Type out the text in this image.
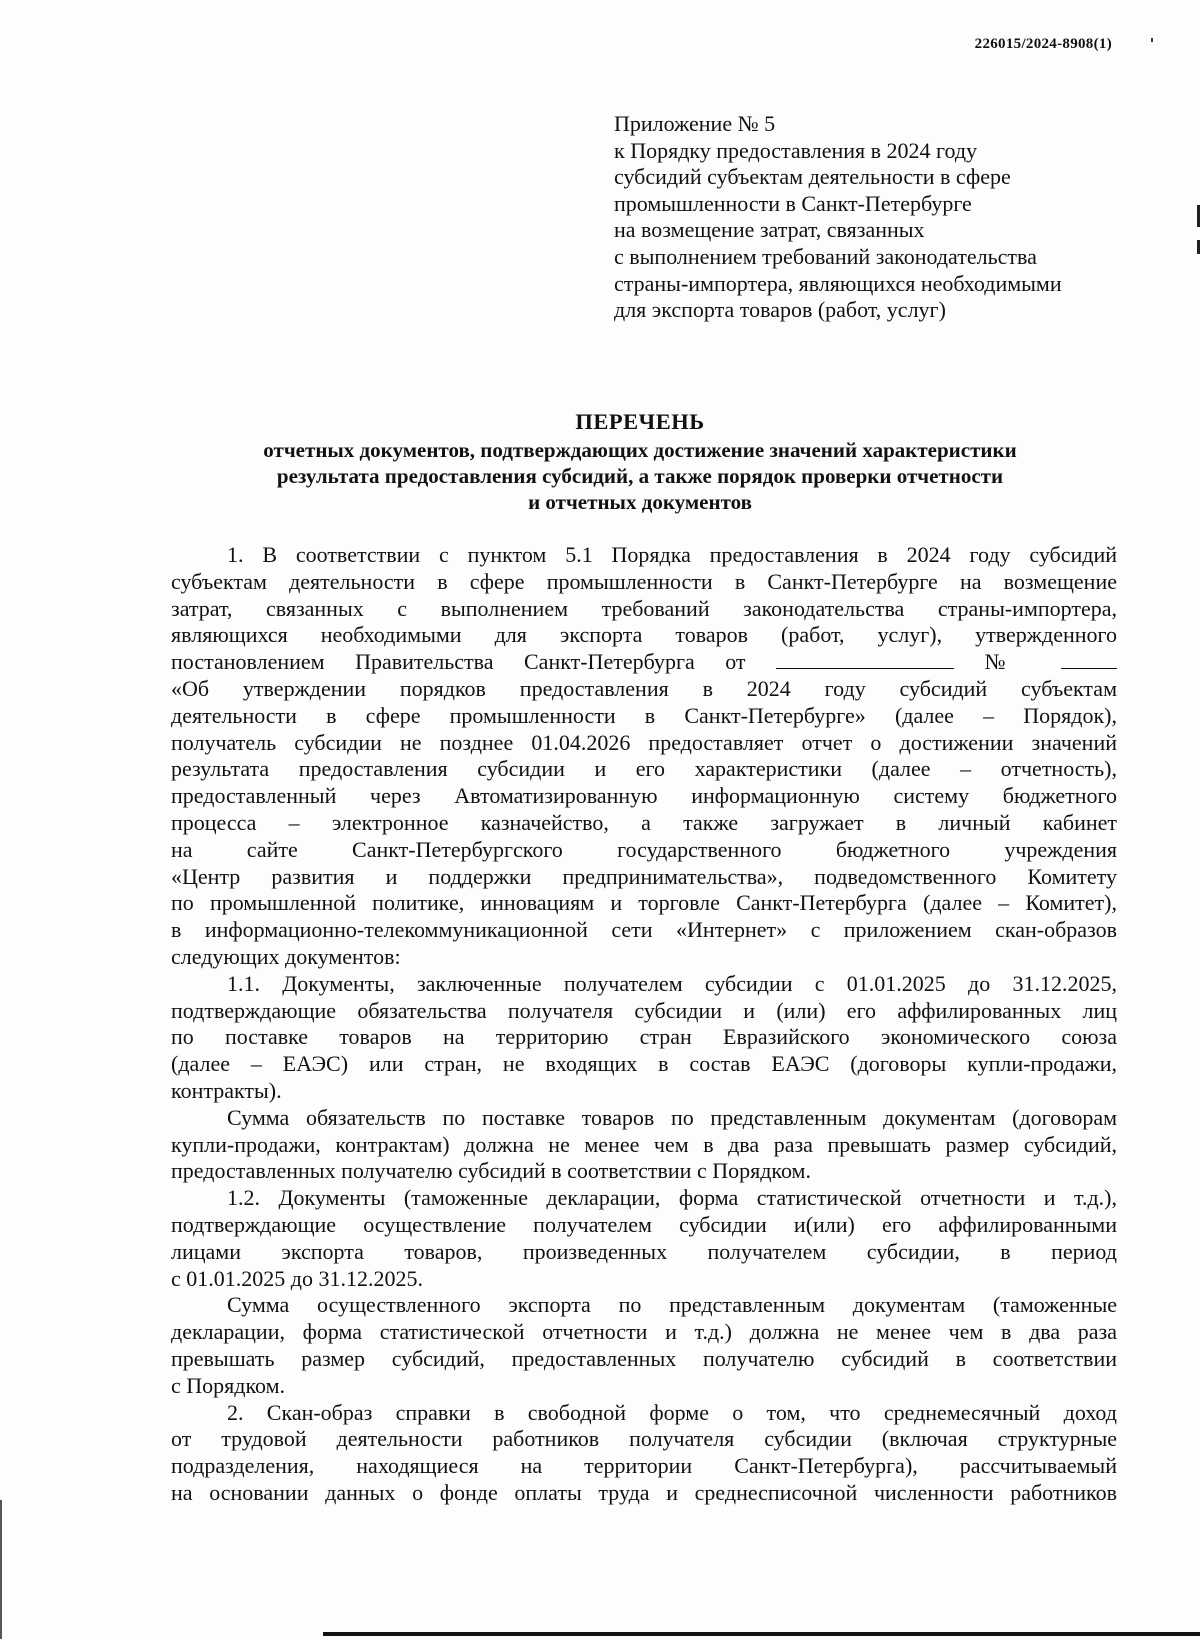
226015/2024-8908(1)
Приложение № 5
к Порядку предоставления в 2024 году
субсидий субъектам деятельности в сфере
промышленности в Санкт-Петербурге
на возмещение затрат, связанных
с выполнением требований законодательства
страны-импортера, являющихся необходимыми
для экспорта товаров (работ, услуг)
ПЕРЕЧЕНЬ
отчетных документов, подтверждающих достижение значений характеристики
результата предоставления субсидий, а также порядок проверки отчетности
и отчетных документов
1. В соответствии с пунктом 5.1 Порядка предоставления в 2024 году субсидий
субъектам деятельности в сфере промышленности в Санкт-Петербурге на возмещение
затрат, связанных с выполнением требований законодательства страны-импортера,
являющихся необходимыми для экспорта товаров (работ, услуг), утвержденного
постановлением Правительства Санкт-Петербурга от	№
«Об утверждении порядков предоставления в 2024 году субсидий субъектам
деятельности в сфере промышленности в Санкт-Петербурге» (далее – Порядок),
получатель субсидии не позднее 01.04.2026 предоставляет отчет о достижении значений
результата предоставления субсидии и его характеристики (далее – отчетность),
предоставленный через Автоматизированную информационную систему бюджетного
процесса – электронное казначейство, а также загружает в личный кабинет
на сайте Санкт-Петербургского государственного бюджетного учреждения
«Центр развития и поддержки предпринимательства», подведомственного Комитету
по промышленной политике, инновациям и торговле Санкт-Петербурга (далее – Комитет),
в информационно-телекоммуникационной сети «Интернет» с приложением скан-образов
следующих документов:
1.1. Документы, заключенные получателем субсидии с 01.01.2025 до 31.12.2025,
подтверждающие обязательства получателя субсидии и (или) его аффилированных лиц
по поставке товаров на территорию стран Евразийского экономического союза
(далее – ЕАЭС) или стран, не входящих в состав ЕАЭС (договоры купли-продажи,
контракты).
Сумма обязательств по поставке товаров по представленным документам (договорам
купли-продажи, контрактам) должна не менее чем в два раза превышать размер субсидий,
предоставленных получателю субсидий в соответствии с Порядком.
1.2. Документы (таможенные декларации, форма статистической отчетности и т.д.),
подтверждающие осуществление получателем субсидии и(или) его аффилированными
лицами экспорта товаров, произведенных получателем субсидии, в период
с 01.01.2025 до 31.12.2025.
Сумма осуществленного экспорта по представленным документам (таможенные
декларации, форма статистической отчетности и т.д.) должна не менее чем в два раза
превышать размер субсидий, предоставленных получателю субсидий в соответствии
с Порядком.
2. Скан-образ справки в свободной форме о том, что среднемесячный доход
от трудовой деятельности работников получателя субсидии (включая структурные
подразделения, находящиеся на территории Санкт-Петербурга), рассчитываемый
на основании данных о фонде оплаты труда и среднесписочной численности работников
